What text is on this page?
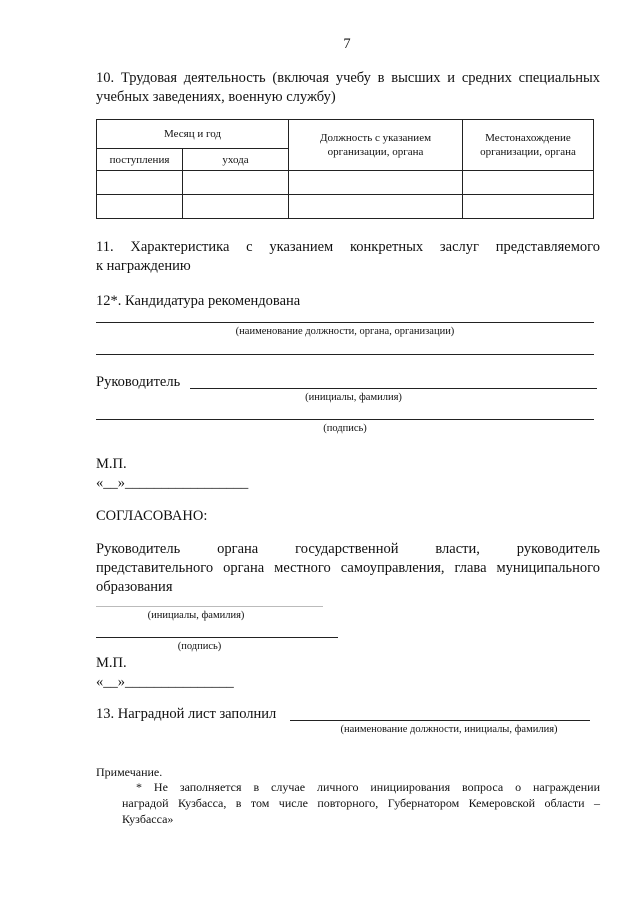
7
10. Трудовая деятельность (включая учебу в высших и средних специальных
учебных заведениях, военную службу)
Месяц и год		Должность с указанием организации, органа	Местонахождение организации, органа
поступления	ухода		

11. Характеристика с указанием конкретных заслуг представляемого
к награждению
12*. Кандидатура рекомендована
(наименование должности, органа, организации)
Руководитель
(инициалы, фамилия)
(подпись)
М.П.
«__»_________________
СОГЛАСОВАНО:
Руководитель органа государственной власти, руководитель
представительного органа местного самоуправления, глава муниципального
образования
(инициалы, фамилия)
(подпись)
М.П.
«__»_______________
13. Наградной лист заполнил
(наименование должности, инициалы, фамилия)
Примечание.
* Не заполняется в случае личного инициирования вопроса о награждении
наградой Кузбасса, в том числе повторного, Губернатором Кемеровской области –
Кузбасса»
